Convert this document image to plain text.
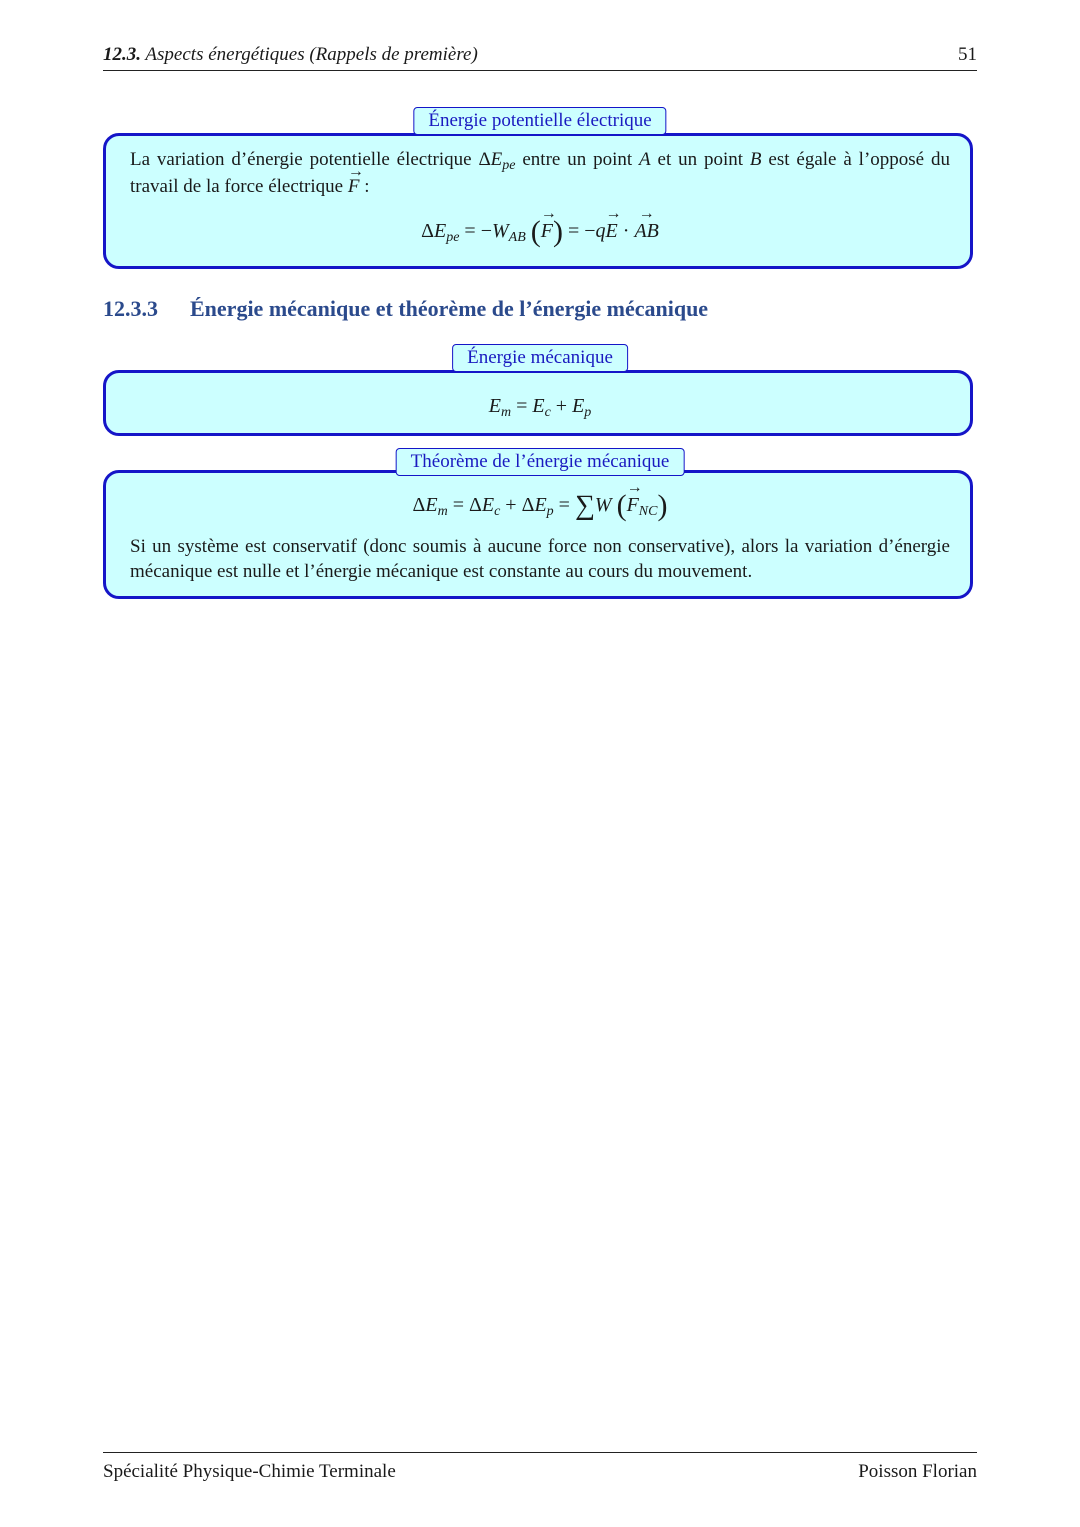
12.3. Aspects énergétiques (Rappels de première)	51
Énergie potentielle électrique
La variation d’énergie potentielle électrique $\Delta E_{pe}$ entre un point A et un point B est égale à l’opposé du travail de la force électrique → F :
$\Delta E_{pe} = -W_{AB}$ (→ F) = −q→ E · → AB
12.3.3 Énergie mécanique et théorème de l’énergie mécanique
Énergie mécanique
$E_m = E_c + E_p$
Théorème de l’énergie mécanique
$\Delta E_m = \Delta E_c + \Delta E_p = \sum W$ (→ $F_{NC}$)
Si un système est conservatif (donc soumis à aucune force non conservative), alors la variation d’énergie mécanique est nulle et l’énergie mécanique est constante au cours du mouvement.
Spécialité Physique-Chimie Terminale	Poisson Florian
